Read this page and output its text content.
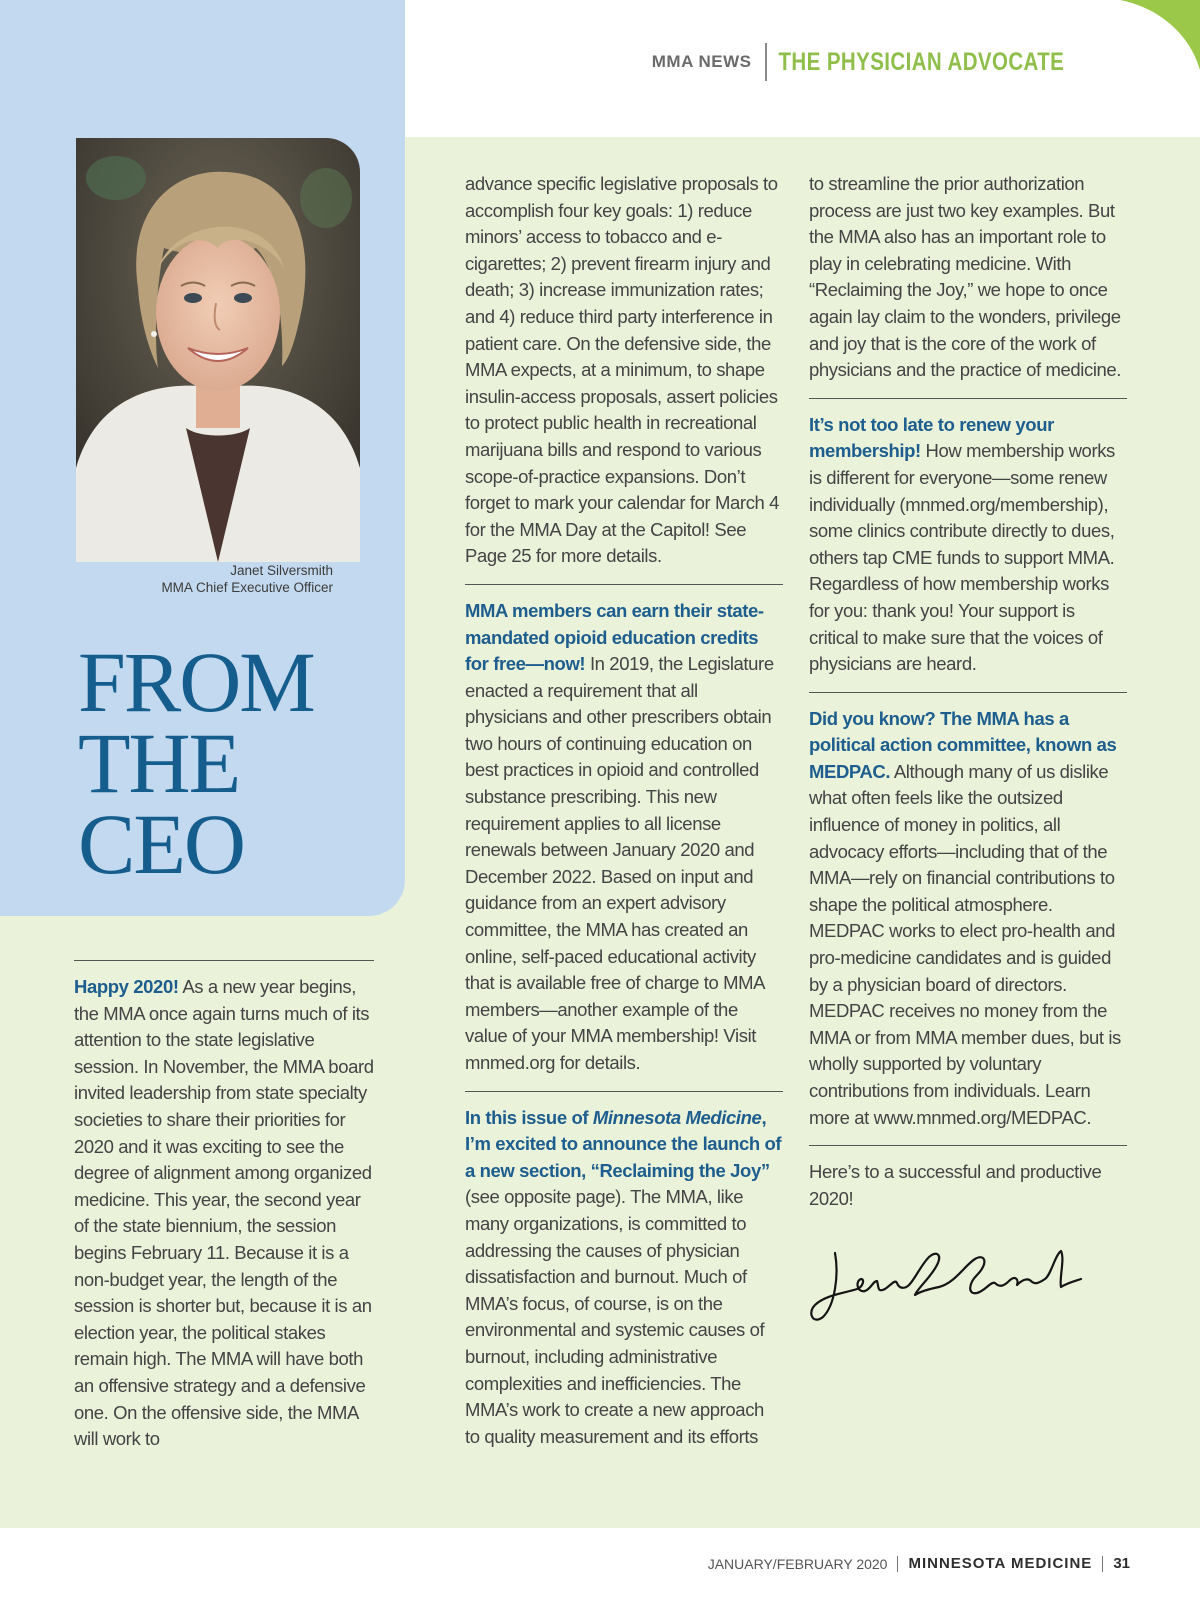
MMA NEWS	THE PHYSICIAN ADVOCATE
Janet Silversmith
MMA Chief Executive Officer
FROM
THE
CEO

Happy 2020! As a new year begins, the MMA once again turns much of its attention to the state legislative session. In November, the MMA board invited leadership from state specialty societies to share their priorities for 2020 and it was exciting to see the degree of alignment among organized medicine. This year, the second year of the state biennium, the session begins February 11. Because it is a non-budget year, the length of the session is shorter but, because it is an election year, the political stakes remain high. The MMA will have both an offensive strategy and a defensive one. On the offensive side, the MMA will work to

advance specific legislative proposals to accomplish four key goals: 1) reduce minors’ access to tobacco and e-cigarettes; 2) prevent firearm injury and death; 3) increase immunization rates; and 4) reduce third party interference in patient care. On the defensive side, the MMA expects, at a minimum, to shape insulin-access proposals, assert policies to protect public health in recreational marijuana bills and respond to various scope-of-practice expansions. Don’t forget to mark your calendar for March 4 for the MMA Day at the Capitol! See Page 25 for more details.

MMA members can earn their state-mandated opioid education credits for free—now! In 2019, the Legislature enacted a requirement that all physicians and other prescribers obtain two hours of continuing education on best practices in opioid and controlled substance prescribing. This new requirement applies to all license renewals between January 2020 and December 2022. Based on input and guidance from an expert advisory committee, the MMA has created an online, self-paced educational activity that is available free of charge to MMA members—another example of the value of your MMA membership! Visit mnmed.org for details.

In this issue of Minnesota Medicine, I’m excited to announce the launch of a new section, “Reclaiming the Joy” (see opposite page). The MMA, like many organizations, is committed to addressing the causes of physician dissatisfaction and burnout. Much of MMA’s focus, of course, is on the environmental and systemic causes of burnout, including administrative complexities and inefficiencies. The MMA’s work to create a new approach to quality measurement and its efforts

to streamline the prior authorization process are just two key examples. But the MMA also has an important role to play in celebrating medicine. With “Reclaiming the Joy,” we hope to once again lay claim to the wonders, privilege and joy that is the core of the work of physicians and the practice of medicine.

It’s not too late to renew your membership! How membership works is different for everyone—some renew individually (mnmed.org/membership), some clinics contribute directly to dues, others tap CME funds to support MMA. Regardless of how membership works for you: thank you! Your support is critical to make sure that the voices of physicians are heard.

Did you know? The MMA has a political action committee, known as MEDPAC. Although many of us dislike what often feels like the outsized influence of money in politics, all advocacy efforts—including that of the MMA—rely on financial contributions to shape the political atmosphere. MEDPAC works to elect pro-health and pro-medicine candidates and is guided by a physician board of directors. MEDPAC receives no money from the MMA or from MMA member dues, but is wholly supported by voluntary contributions from individuals. Learn more at www.mnmed.org/MEDPAC.

Here’s to a successful and productive 2020!

JANUARY/FEBRUARY 2020 MINNESOTA MEDICINE 31
